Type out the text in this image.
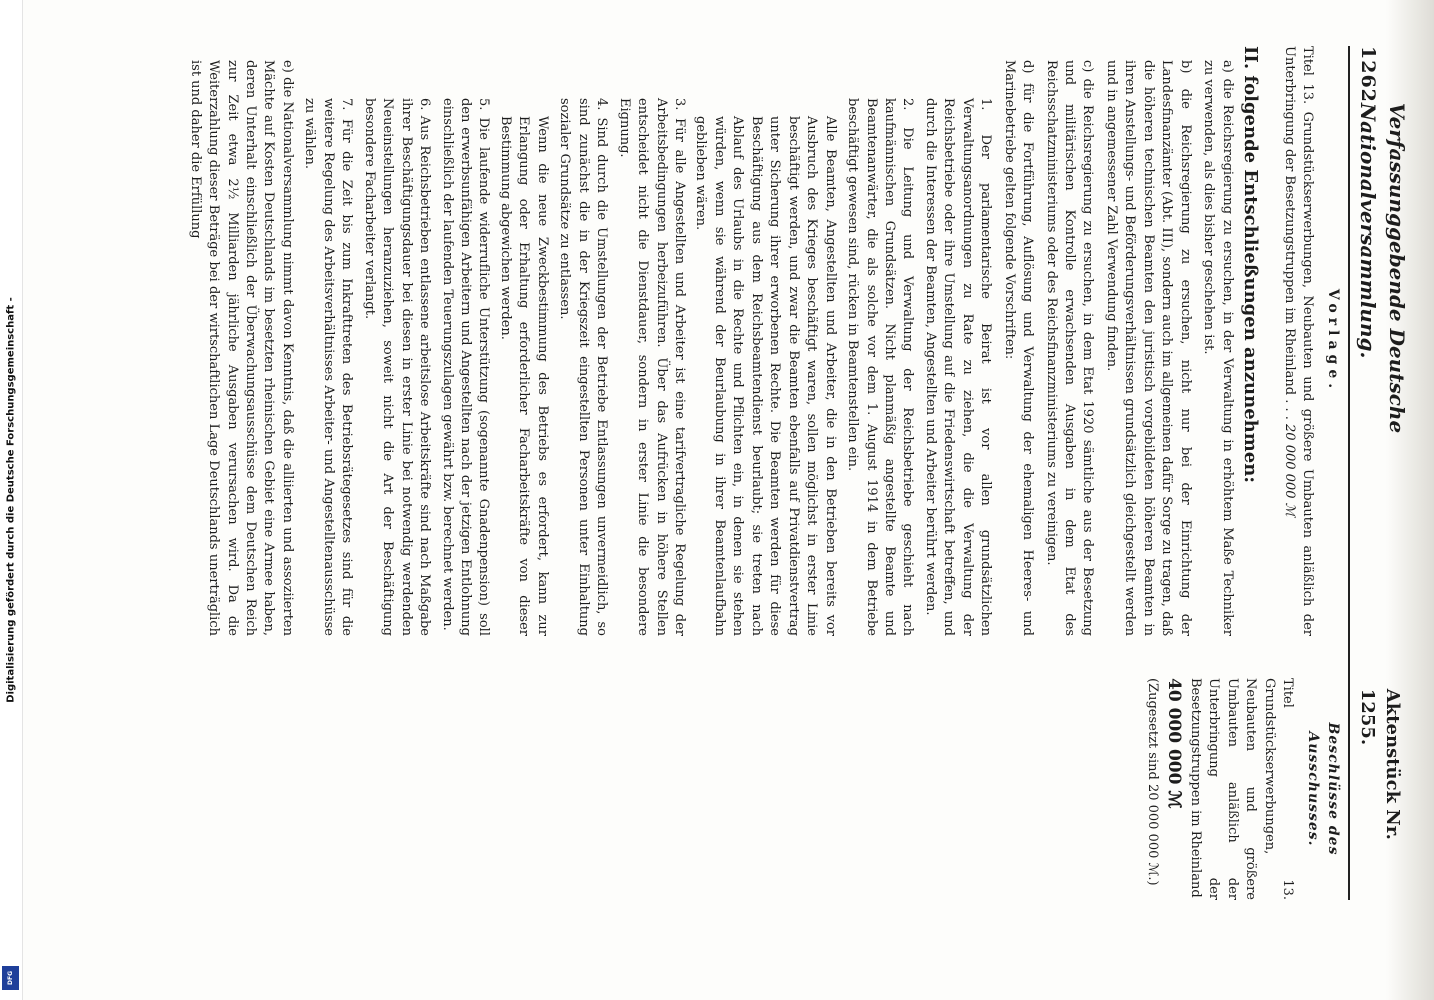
Digitalisierung gefördert durch die Deutsche Forschungsgemeinschaft -
DFG
1262
Verfassunggebende Deutsche Nationalversammlung.
Aktenstück Nr. 1255.
Vorlage.
Titel 13. Grundstückserwerbungen, Neubauten und größere Umbauten anläßlich der Unterbringung der Besetzungstruppen im Rheinland . . . 20 000 000 ℳ
II. folgende Entschließungen anzunehmen:
a) die Reichsregierung zu ersuchen, in der Verwaltung in erhöhtem Maße Techniker zu verwenden, als dies bisher geschehen ist.
b) die Reichsregierung zu ersuchen, nicht nur bei der Einrichtung der Landesfinanzämter (Abt. III), sondern auch im allgemeinen dafür Sorge zu tragen, daß die höheren technischen Beamten den juristisch vorgebildeten höheren Beamten in ihren Anstellungs- und Beförderungsverhältnissen grundsätzlich gleichgestellt werden und in angemessener Zahl Verwendung finden.
c) die Reichsregierung zu ersuchen, in dem Etat 1920 sämtliche aus der Besetzung und militärischen Kontrolle erwachsenden Ausgaben in dem Etat des Reichsschatzministeriums oder des Reichsfinanzministeriums zu vereinigen.
d) für die Fortführung, Auflösung und Verwaltung der ehemaligen Heeres- und Marinebetriebe gelten folgende Vorschriften:
1. Der parlamentarische Beirat ist vor allen grundsätzlichen Verwaltungsanordnungen zu Rate zu ziehen, die die Verwaltung der Reichsbetriebe oder ihre Umstellung auf die Friedenswirtschaft betreffen, und durch die Interessen der Beamten, Angestellten und Arbeiter berührt werden.
2. Die Leitung und Verwaltung der Reichsbetriebe geschieht nach kaufmännischen Grundsätzen. Nicht planmäßig angestellte Beamte und Beamtenanwärter, die als solche vor dem 1. August 1914 in dem Betriebe beschäftigt gewesen sind, rücken in Beamtenstellen ein.
Alle Beamten, Angestellten und Arbeiter, die in den Betrieben bereits vor Ausbruch des Krieges beschäftigt waren, sollen möglichst in erster Linie beschäftigt werden, und zwar die Beamten ebenfalls auf Privatdienstvertrag unter Sicherung ihrer erworbenen Rechte. Die Beamten werden für diese Beschäftigung aus dem Reichsbeamtendienst beurlaubt; sie treten nach Ablauf des Urlaubs in die Rechte und Pflichten ein, in denen sie stehen würden, wenn sie während der Beurlaubung in ihrer Beamtenlaufbahn geblieben wären.
3. Für alle Angestellten und Arbeiter ist eine tarifvertragliche Regelung der Arbeitsbedingungen herbeizuführen. Über das Aufrücken in höhere Stellen entscheidet nicht die Dienstdauer, sondern in erster Linie die besondere Eignung.
4. Sind durch die Umstellungen der Betriebe Entlassungen unvermeidlich, so sind zunächst die in der Kriegszeit eingestellten Personen unter Einhaltung sozialer Grundsätze zu entlassen.
Wenn die neue Zweckbestimmung des Betriebs es erfordert, kann zur Erlangung oder Erhaltung erforderlicher Facharbeitskräfte von dieser Bestimmung abgewichen werden.
5. Die laufende widerrufliche Unterstützung (sogenannte Gnadenpension) soll den erwerbsunfähigen Arbeitern und Angestellten nach der jetzigen Entlohnung einschließlich der laufenden Teuerungszulagen gewährt bzw. berechnet werden.
6. Aus Reichsbetrieben entlassene arbeitslose Arbeitskräfte sind nach Maßgabe ihrer Beschäftigungsdauer bei diesen in erster Linie bei notwendig werdenden Neueinstellungen heranzuziehen, soweit nicht die Art der Beschäftigung besondere Facharbeiter verlangt.
7. Für die Zeit bis zum Inkrafttreten des Betriebsrätegesetzes sind für die weitere Regelung des Arbeitsverhältnisses Arbeiter- und Angestelltenausschüsse zu wählen.
e) die Nationalversammlung nimmt davon Kenntnis, daß die alliierten und assoziierten Mächte auf Kosten Deutschlands im besetzten rheinischen Gebiet eine Armee haben, deren Unterhalt einschließlich der Überwachungsausschüsse dem Deutschen Reich zur Zeit etwa 2½ Milliarden jährliche Ausgaben verursachen wird. Da die Weiterzahlung dieser Beträge bei der wirtschaftlichen Lage Deutschlands unerträglich ist und daher die Erfüllung
Beschlüsse des Ausschusses.
Titel 13. Grundstückserwerbungen, Neubauten und größere Umbauten anläßlich der Unterbringung der Besetzungstruppen im Rheinland
40 000 000 ℳ
(Zugesetzt sind 20 000 000 ℳ.)
